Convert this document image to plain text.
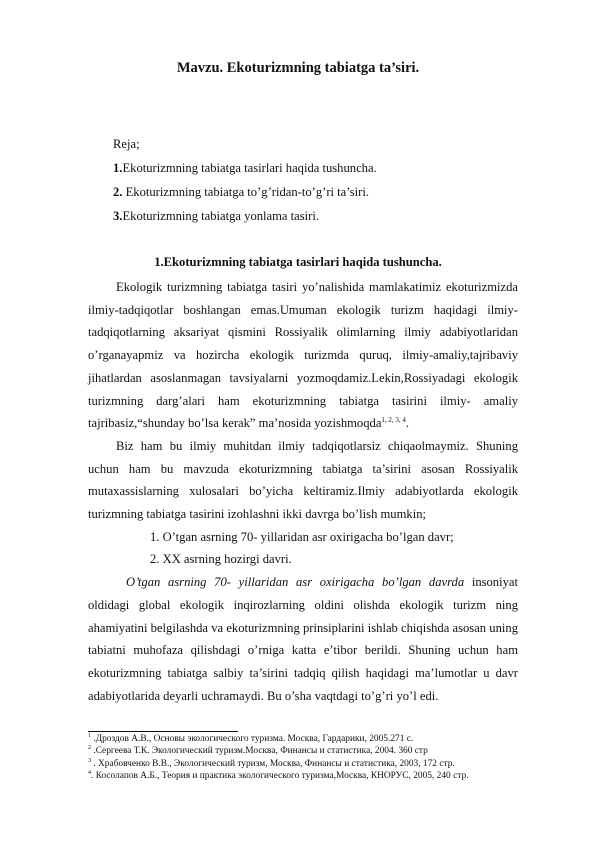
Mavzu. Ekoturizmning tabiatga ta’siri.
Reja;
1.Ekoturizmning tabiatga tasirlari haqida tushuncha.
2. Ekoturizmning tabiatga to’g’ridan-to’g’ri ta’siri.
3.Ekoturizmning tabiatga yonlama tasiri.
1.Ekoturizmning tabiatga tasirlari haqida tushuncha.

Ekologik turizmning tabiatga tasiri yo’nalishida mamlakatimiz ekoturizmizda ilmiy-tadqiqotlar boshlangan emas.Umuman ekologik turizm haqidagi ilmiy-tadqiqotlarning aksariyat qismini Rossiyalik olimlarning ilmiy adabiyotlaridan o’rganayapmiz va hozircha ekologik turizmda quruq, ilmiy-amaliy,tajribaviy jihatlardan asoslanmagan tavsiyalarni yozmoqdamiz.Lekin,Rossiyadagi ekologik turizmning darg’alari ham ekoturizmning tabiatga tasirini ilmiy- amaliy tajribasiz,“shunday bo’lsa kerak” ma’nosida yozishmoqda$^{1, 2, 3, 4}$.

Biz ham bu ilmiy muhitdan ilmiy tadqiqotlarsiz chiqaolmaymiz. Shuning uchun ham bu mavzuda ekoturizmning tabiatga ta’sirini asosan Rossiyalik mutaxassislarning xulosalari bo’yicha keltiramiz.Ilmiy adabiyotlarda ekologik turizmning tabiatga tasirini izohlashni ikki davrga bo’lish mumkin;

1. O’tgan asrning 70- yillaridan asr oxirigacha bo’lgan davr;
2. XX asrning hozirgi davri.

O’tgan asrning 70- yillaridan asr oxirigacha bo’lgan davrda insoniyat oldidagi global ekologik inqirozlarning oldini olishda ekologik turizm ning ahamiyatini belgilashda va ekoturizmning prinsiplarini ishlab chiqishda asosan uning tabiatni muhofaza qilishdagi o’rniga katta e’tibor berildi. Shuning uchun ham ekoturizmning tabiatga salbiy ta’sirini tadqiq qilish haqidagi ma’lumotlar u davr adabiyotlarida deyarli uchramaydi. Bu o’sha vaqtdagi to’g’ri yo’l edi.

$^1$ .Дроздов А.В., Основы экологического туризма. Москва, Гардарики, 2005.271 с.
$^2$ .Сергеева Т.К. Экологический туризм.Москва, Финансы и статистика, 2004. 360 стр
$^3$ . Храбовченко В.В., Экологический туризм, Москва, Финансы и статистика, 2003, 172 стр.
$^4$. Косолапов А.Б., Теория и практика экологического туризма,Москва, КНОРУС, 2005, 240 стр.
